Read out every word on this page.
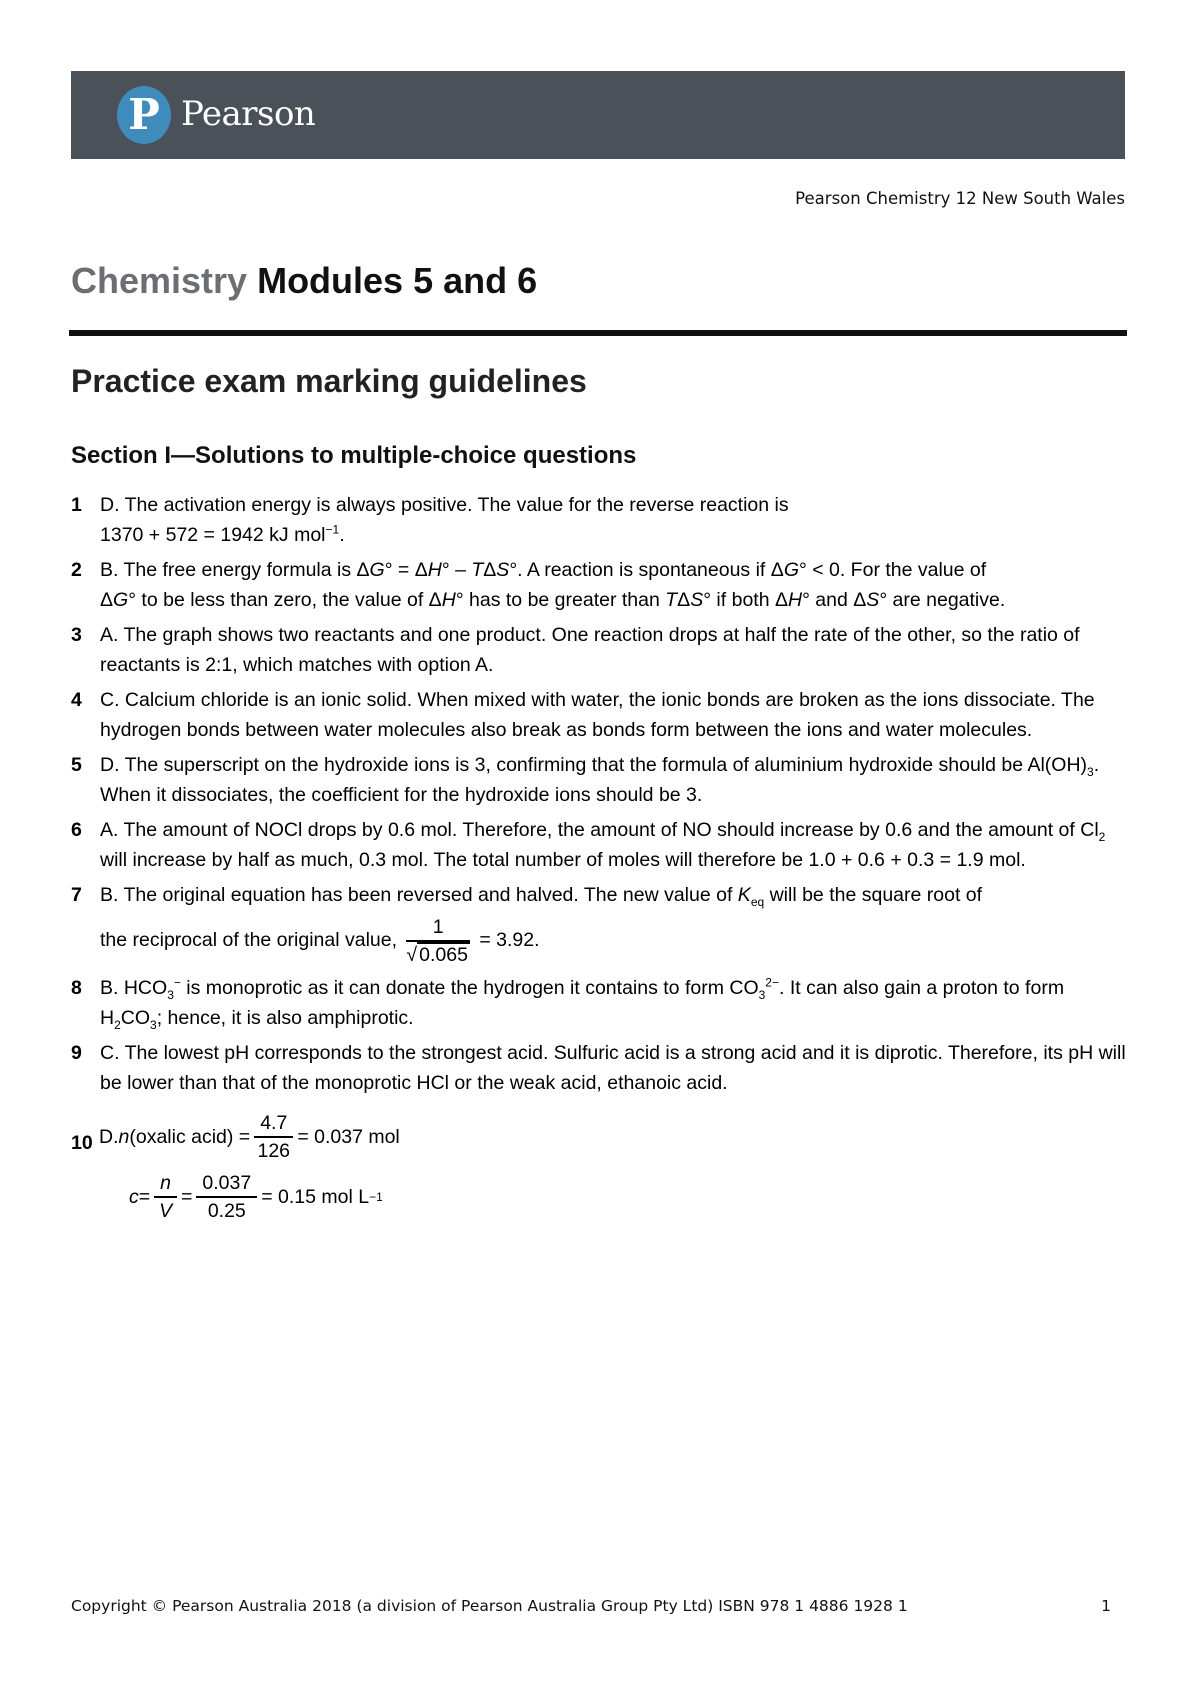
P Pearson
Pearson Chemistry 12 New South Wales
Chemistry Modules 5 and 6
Practice exam marking guidelines
Section I—Solutions to multiple-choice questions
1 D. The activation energy is always positive. The value for the reverse reaction is
1370 + 572 = 1942 kJ mol$^{-1}$.
2 B. The free energy formula is ΔG° = ΔH° – TΔS°. A reaction is spontaneous if ΔG° < 0. For the value of
ΔG° to be less than zero, the value of ΔH° has to be greater than TΔS° if both ΔH° and ΔS° are negative.
3 A. The graph shows two reactants and one product. One reaction drops at half the rate of the other, so the ratio of reactants is 2:1, which matches with option A.
4 C. Calcium chloride is an ionic solid. When mixed with water, the ionic bonds are broken as the ions dissociate. The hydrogen bonds between water molecules also break as bonds form between the ions and water molecules.
5 D. The superscript on the hydroxide ions is 3, confirming that the formula of aluminium hydroxide should be $Al(OH)_3$. When it dissociates, the coefficient for the hydroxide ions should be 3.
6 A. The amount of NOCl drops by 0.6 mol. Therefore, the amount of NO should increase by 0.6 and the amount of $Cl_2$ will increase by half as much, 0.3 mol. The total number of moles will therefore be 1.0 + 0.6 + 0.3 = 1.9 mol.
7 B. The original equation has been reversed and halved. The new value of $K_{eq}$ will be the square root of
the reciprocal of the original value, $\frac{1}{√ 0.065} = 3.92$.
8 B. $HCO_3^-$ is monoprotic as it can donate the hydrogen it contains to form $CO_3^{2-}$. It can also gain a proton to form $H_2CO_3$; hence, it is also amphiprotic.
9 C. The lowest pH corresponds to the strongest acid. Sulfuric acid is a strong acid and it is diprotic. Therefore, its pH will be lower than that of the monoprotic HCl or the weak acid, ethanoic acid.
10 D. n (oxalic acid) = $\frac{4.7}{126} = 0.037$ mol
$c = \frac{n}{V} = \frac{0.037}{0.25} = 0.15$ mol L −1
Copyright © Pearson Australia 2018 (a division of Pearson Australia Group Pty Ltd) ISBN 978 1 4886 1928 1	1
